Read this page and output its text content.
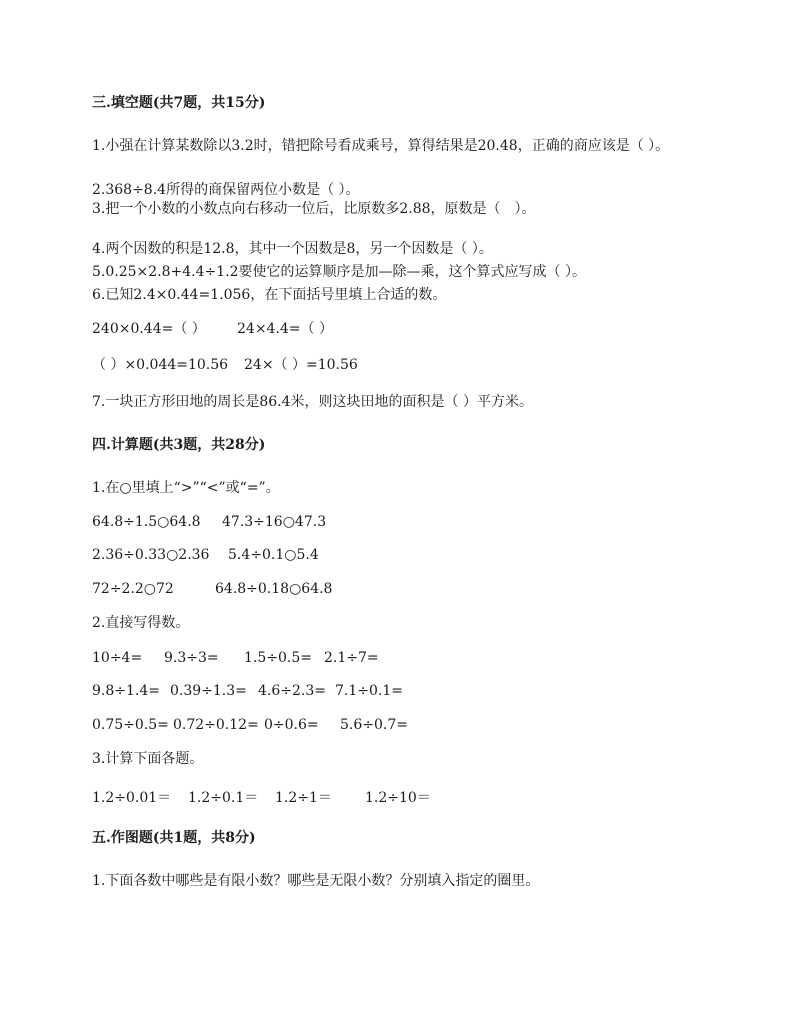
三.填空题(共7题，共15分)
1.小强在计算某数除以3.2时，错把除号看成乘号，算得结果是20.48，正确的商应该是（ ）。
2.368÷8.4所得的商保留两位小数是（ ）。
3.把一个小数的小数点向右移动一位后，比原数多2.88，原数是（　）。
4.两个因数的积是12.8，其中一个因数是8，另一个因数是（ ）。
5.0.25×2.8+4.4÷1.2要使它的运算顺序是加—除—乘，这个算式应写成（ ）。
6.已知2.4×0.44=1.056，在下面括号里填上合适的数。
240×0.44=（ ） 24×4.4=（ ）
（ ）×0.044=10.56 24×（ ）=10.56
7.一块正方形田地的周长是86.4米，则这块田地的面积是（ ）平方米。
四.计算题(共3题，共28分)
1.在○里填上“>”“<”或“=”。
64.8÷1.5○64.8 47.3÷16○47.3
2.36÷0.33○2.36 5.4÷0.1○5.4
72÷2.2○72	64.8÷0.18○64.8
2.直接写得数。
10÷4= 9.3÷3= 1.5÷0.5= 2.1÷7=
9.8÷1.4= 0.39÷1.3= 4.6÷2.3= 7.1÷0.1=
0.75÷0.5= 0.72÷0.12= 0÷0.6= 5.6÷0.7=
3.计算下面各题。
1.2÷0.01＝ 1.2÷0.1＝ 1.2÷1＝ 1.2÷10＝
五.作图题(共1题，共8分)
1.下面各数中哪些是有限小数？哪些是无限小数？分别填入指定的圈里。
